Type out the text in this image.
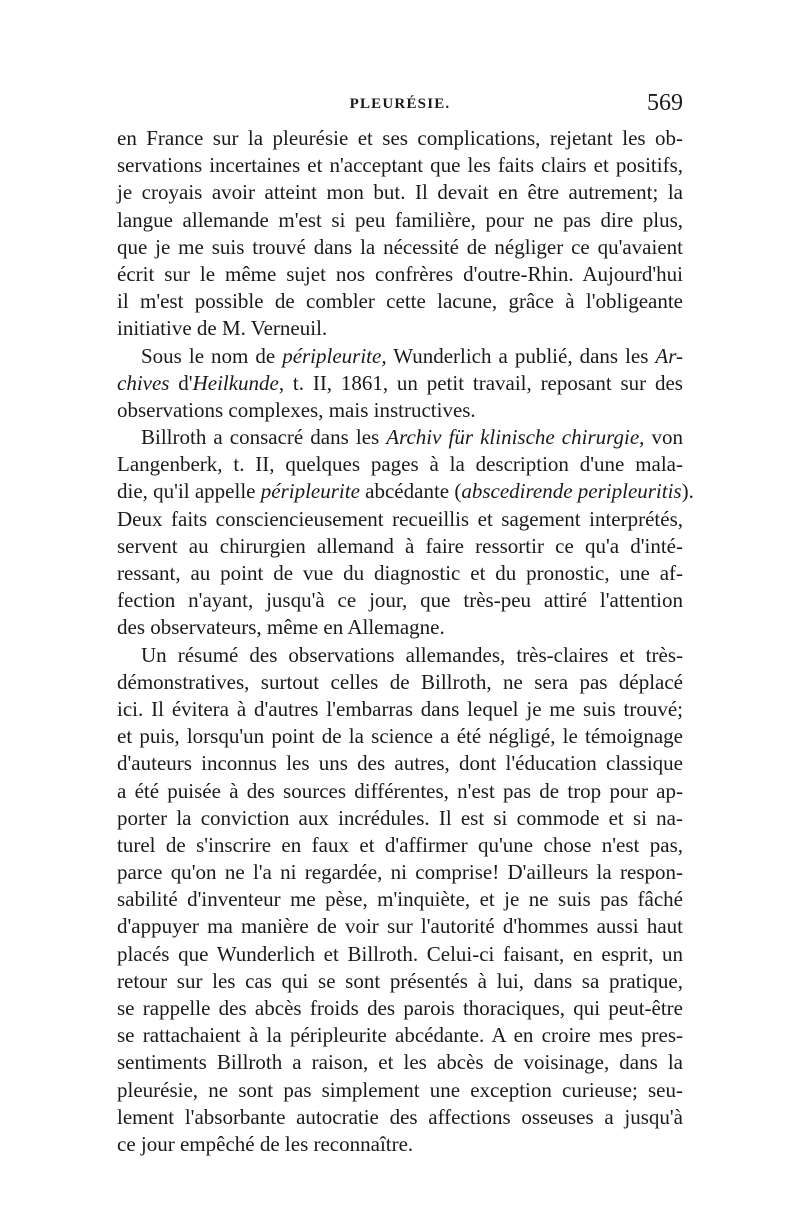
PLEURÉSIE.	569
en France sur la pleurésie et ses complications, rejetant les ob-
servations incertaines et n'acceptant que les faits clairs et positifs,
je croyais avoir atteint mon but. Il devait en être autrement; la
langue allemande m'est si peu familière, pour ne pas dire plus,
que je me suis trouvé dans la nécessité de négliger ce qu'avaient
écrit sur le même sujet nos confrères d'outre-Rhin. Aujourd'hui
il m'est possible de combler cette lacune, grâce à l'obligeante
initiative de M. Verneuil.
Sous le nom de péripleurite, Wunderlich a publié, dans les Ar-
chives d'Heilkunde, t. II, 1861, un petit travail, reposant sur des
observations complexes, mais instructives.
Billroth a consacré dans les Archiv für klinische chirurgie, von
Langenberk, t. II, quelques pages à la description d'une mala-
die, qu'il appelle péripleurite abcédante (abscedirende peripleuritis).
Deux faits consciencieusement recueillis et sagement interprétés,
servent au chirurgien allemand à faire ressortir ce qu'a d'inté-
ressant, au point de vue du diagnostic et du pronostic, une af-
fection n'ayant, jusqu'à ce jour, que très-peu attiré l'attention
des observateurs, même en Allemagne.
Un résumé des observations allemandes, très-claires et très-
démonstratives, surtout celles de Billroth, ne sera pas déplacé
ici. Il évitera à d'autres l'embarras dans lequel je me suis trouvé;
et puis, lorsqu'un point de la science a été négligé, le témoignage
d'auteurs inconnus les uns des autres, dont l'éducation classique
a été puisée à des sources différentes, n'est pas de trop pour ap-
porter la conviction aux incrédules. Il est si commode et si na-
turel de s'inscrire en faux et d'affirmer qu'une chose n'est pas,
parce qu'on ne l'a ni regardée, ni comprise! D'ailleurs la respon-
sabilité d'inventeur me pèse, m'inquiète, et je ne suis pas fâché
d'appuyer ma manière de voir sur l'autorité d'hommes aussi haut
placés que Wunderlich et Billroth. Celui-ci faisant, en esprit, un
retour sur les cas qui se sont présentés à lui, dans sa pratique,
se rappelle des abcès froids des parois thoraciques, qui peut-être
se rattachaient à la péripleurite abcédante. A en croire mes pres-
sentiments Billroth a raison, et les abcès de voisinage, dans la
pleurésie, ne sont pas simplement une exception curieuse; seu-
lement l'absorbante autocratie des affections osseuses a jusqu'à
ce jour empêché de les reconnaître.
